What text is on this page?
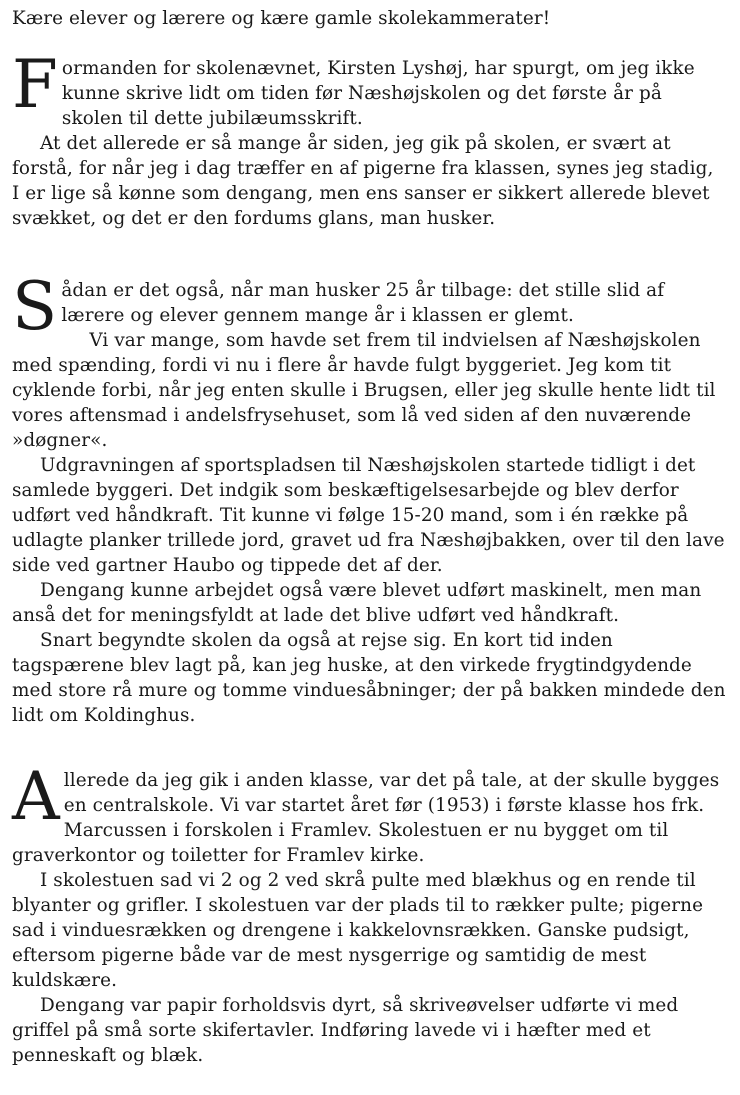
Kære elever og lærere og kære gamle skolekammerater!

Formanden for skolenævnet, Kirsten Lyshøj, har spurgt, om jeg ikke kunne skrive lidt om tiden før Næshøjskolen og det første år på skolen til dette jubilæumsskrift.

At det allerede er så mange år siden, jeg gik på skolen, er svært at forstå, for når jeg i dag træffer en af pigerne fra klassen, synes jeg stadig, I er lige så kønne som dengang, men ens sanser er sikkert allerede blevet svækket, og det er den fordums glans, man husker.

Sådan er det også, når man husker 25 år tilbage: det stille slid af lærere og elever gennem mange år i klassen er glemt.

Vi var mange, som havde set frem til indvielsen af Næshøjskolen med spænding, fordi vi nu i flere år havde fulgt byggeriet. Jeg kom tit cyklende forbi, når jeg enten skulle i Brugsen, eller jeg skulle hente lidt til vores aftensmad i andelsfrysehuset, som lå ved siden af den nuværende »døgner«.

Udgravningen af sportspladsen til Næshøjskolen startede tidligt i det samlede byggeri. Det indgik som beskæftigelsesarbejde og blev derfor udført ved håndkraft. Tit kunne vi følge 15-20 mand, som i én række på udlagte planker trillede jord, gravet ud fra Næshøjbakken, over til den lave side ved gartner Haubo og tippede det af der.

Dengang kunne arbejdet også være blevet udført maskinelt, men man anså det for meningsfyldt at lade det blive udført ved håndkraft.

Snart begyndte skolen da også at rejse sig. En kort tid inden tagspærene blev lagt på, kan jeg huske, at den virkede frygtindgydende med store rå mure og tomme vinduesåbninger; der på bakken mindede den lidt om Koldinghus.

Allerede da jeg gik i anden klasse, var det på tale, at der skulle bygges en centralskole. Vi var startet året før (1953) i første klasse hos frk. Marcussen i forskolen i Framlev. Skolestuen er nu bygget om til graverkontor og toiletter for Framlev kirke.

I skolestuen sad vi 2 og 2 ved skrå pulte med blækhus og en rende til blyanter og grifler. I skolestuen var der plads til to rækker pulte; pigerne sad i vinduesrækken og drengene i kakkelovnsrækken. Ganske pudsigt, eftersom pigerne både var de mest nysgerrige og samtidig de mest kuldskære.

Dengang var papir forholdsvis dyrt, så skriveøvelser udførte vi med griffel på små sorte skifertavler. Indføring lavede vi i hæfter med et penneskaft og blæk.
